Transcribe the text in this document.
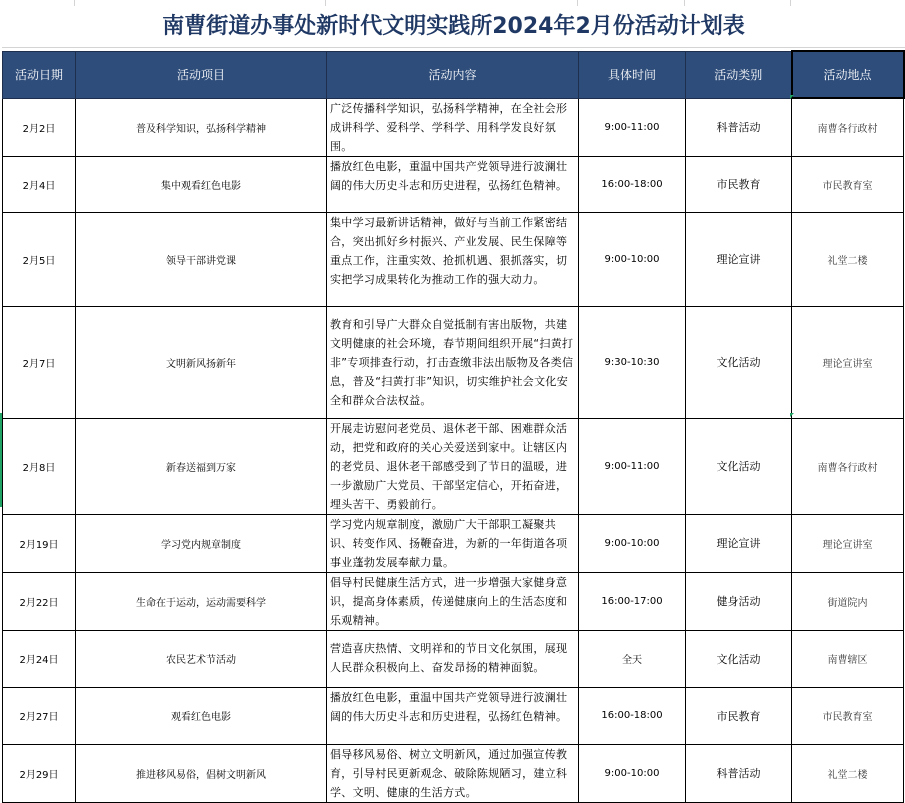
南曹街道办事处新时代文明实践所2024年2月份活动计划表
活动日期	活动项目	活动内容	具体时间	活动类别	活动地点
2月2日	普及科学知识，弘扬科学精神	广泛传播科学知识，弘扬科学精神，在全社会形成讲科学、爱科学、学科学、用科学发良好氛围。	9:00-11:00	科普活动	南曹各行政村
2月4日	集中观看红色电影	播放红色电影，重温中国共产党领导进行波澜壮阔的伟大历史斗志和历史进程，弘扬红色精神。	16:00-18:00	市民教育	市民教育室
2月5日	领导干部讲党课	集中学习最新讲话精神，做好与当前工作紧密结合，突出抓好乡村振兴、产业发展、民生保障等重点工作，注重实效、抢抓机遇、狠抓落实，切实把学习成果转化为推动工作的强大动力。	9:00-10:00	理论宣讲	礼堂二楼
2月7日	文明新风扬新年	教育和引导广大群众自觉抵制有害出版物，共建文明健康的社会环境，春节期间组织开展“扫黄打非”专项排查行动，打击查缴非法出版物及各类信息，普及“扫黄打非”知识，切实维护社会文化安全和群众合法权益。	9:30-10:30	文化活动	理论宣讲室
2月8日	新春送福到万家	开展走访慰问老党员、退休老干部、困难群众活动，把党和政府的关心关爱送到家中。让辖区内的老党员、退休老干部感受到了节日的温暖，进一步激励广大党员、干部坚定信心，开拓奋进，埋头苦干、勇毅前行。	9:00-11:00	文化活动	南曹各行政村
2月19日	学习党内规章制度	学习党内规章制度，激励广大干部职工凝聚共识、转变作风、扬鞭奋进，为新的一年街道各项事业蓬勃发展奉献力量。	9:00-10:00	理论宣讲	理论宣讲室
2月22日	生命在于运动，运动需要科学	倡导村民健康生活方式，进一步增强大家健身意识，提高身体素质，传递健康向上的生活态度和乐观精神。	16:00-17:00	健身活动	街道院内
2月24日	农民艺术节活动	营造喜庆热情、文明祥和的节日文化氛围，展现人民群众积极向上、奋发昂扬的精神面貌。	全天	文化活动	南曹辖区
2月27日	观看红色电影	播放红色电影，重温中国共产党领导进行波澜壮阔的伟大历史斗志和历史进程，弘扬红色精神。	16:00-18:00	市民教育	市民教育室
2月29日	推进移风易俗，倡树文明新风	倡导移风易俗、树立文明新风，通过加强宣传教育，引导村民更新观念、破除陈规陋习，建立科学、文明、健康的生活方式。	9:00-10:00	科普活动	礼堂二楼
